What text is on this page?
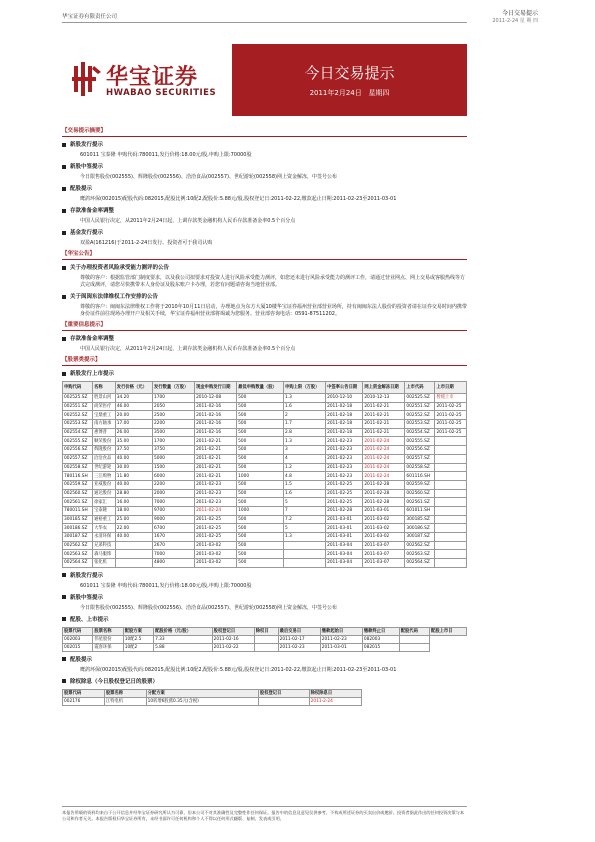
华宝证券有限责任公司	今日交易提示
2011-2-24 星 期 四
华宝证券
HWABAO SECURITIES
今日交易提示
2011年2月24日 星期四
【交易提示摘要】
新股发行提示
601011 宝泰隆 申购代码:780011,发行价格:18.00元/股,申购上限:70000股
新股中签提示
今日限售股份(002555)、辉隆股份(002556)、洽洽食品(002557)、世纪游轮(002558)网上资金解冻，中签号公布
配股提示
鹰鸽环保(002015)配股代码:082015,配股比例:10配2,配股价:5.88元/股,股权登记日:2011-02-22,缴款起止日期:2011-02-23至2011-03-01
存款准备金率调整
中国人民银行决定，从2011年2月24日起，上调存款类金融机构人民币存款准备金率0.5个百分点
基金发行提示
双盈A(161216)于2011-2-24日发行、投资者可于我司认购
【华宝公告】
关于办理投资者风险承受能力测评的公告
尊敬的客户：根据监管部门制度要求，以及我公司拟要求对投资人进行风险承受能力测评，如您还未进行风险承受能力的测评工作，请通过营业网点、网上交易或客服热线等方式完成测评，请您尽快携带本人身份证及股东账户卡办理，若您有问题请咨询当地营业部。
关于闽闽东法律维权工作安排的公告
尊敬的客户：闽闽东法律维权工作将于2010年10月11日启动，办理地点为东方大厦10楼华宝证券福州营业部营业场所，持有闽闽东法人股份的投资者请在证券交易时间内携带身份证件前往现场办理开户及相关手续，华宝证券福州营业部将竭诚为您服务。营业部咨询电话：0591-87511202。
【重要信息提示】
存款准备金率调整
中国人民银行决定，从2011年2月24日起，上调存款类金融机构人民币存款准备金率0.5个百分点
【股票类提示】
新股发行上市提示
申购代码	名称	发行价格（元）	发行数量（万股）	现金申购发行日期	最低申购数量（股）	申购上限（万股）	中签率公告日期	网上资金解冻日期	上市代码	上市日期
002525.SZ	胜景山河	34.20	1700	2010-12-08	500	1.3	2010-12-10	2010-12-13	002525.SZ	暂缓上市
002551.SZ	尚荣医疗	46.00	2050	2011-02-16	500	1.6	2011-02-18	2011-02-21	002551.SZ	2011-02-25
002552.SZ	宝鼎重工	20.00	2500	2011-02-16	500	2	2011-02-18	2011-02-21	002552.SZ	2011-02-25
002553.SZ	南方轴承	17.00	2200	2011-02-16	500	1.7	2011-02-18	2011-02-21	002553.SZ	2011-02-25
002554.SZ	惠博普	26.00	3500	2011-02-16	500	2.8	2011-02-18	2011-02-21	002554.SZ	2011-02-25
002555.SZ	顺荣股份	35.00	1700	2011-02-21	500	1.3	2011-02-23	2011-02-24	002555.SZ	
002556.SZ	辉隆股份	37.50	3750	2011-02-21	500	3	2011-02-23	2011-02-24	002556.SZ	
002557.SZ	洽洽食品	40.00	5000	2011-02-21	500	4	2011-02-23	2011-02-24	002557.SZ	
002558.SZ	世纪游轮	30.00	1500	2011-02-21	500	1.2	2011-02-23	2011-02-24	002558.SZ	
780116.SH	三江购物	11.80	6000	2011-02-21	1000	4.8	2011-02-23	2011-02-24	601116.SH	
002559.SZ	亚威股份	40.00	2200	2011-02-23	500	1.5	2011-02-25	2011-02-28	002559.SZ	
002560.SZ	通达股份	28.80	2000	2011-02-23	500	1.6	2011-02-25	2011-02-28	002560.SZ	
002561.SZ	徐家汇	16.00	7000	2011-02-23	500	5	2011-02-25	2011-02-28	002561.SZ	
780011.SH	宝泰隆	18.00	9700	2011-02-24	1000	7	2011-02-28	2011-03-01	601011.SH	
300185.SZ	通裕重工	25.00	9000	2011-02-25	500	7.2	2011-03-01	2011-03-02	300185.SZ	
300186.SZ	大华农	22.00	6700	2011-02-25	500	5	2011-03-01	2011-03-02	300186.SZ	
300187.SZ	永清环保	40.00	1670	2011-02-25	500	1.3	2011-03-01	2011-03-02	300187.SZ	
002562.SZ	兄弟科技		2670	2011-03-02	500		2011-03-04	2011-03-07	002562.SZ	
002563.SZ	森马服饰		7000	2011-03-02	500		2011-03-04	2011-03-07	002563.SZ	
002564.SZ	张化机		4800	2011-03-02	500		2011-03-04	2011-03-07	002564.SZ	
新股发行提示
601011 宝泰隆 申购代码:780011,发行价格:18.00元/股,申购上限:70000股
新股中签提示
今日限售股份(002555)、辉隆股份(002556)、洽洽食品(002557)、世纪游轮(002558)网上资金解冻，中签号公布
配股、上市提示
股票代码	股票名称	配股方案	配股价格（元/股）	股权登记日	除权日	最后交易日	缴款起始日	缴款终止日	配股代码	配股上市日
002003	伟星股份	10配2.5	7.33	2011-02-16		2011-02-17	2011-02-23	082003		
002015	霞客环保	10配2	5.88	2011-02-22		2011-02-23	2011-03-01	082015		
配股提示
鹰鸽环保(002015)配股代码:082015,配股比例:10配2,配股价:5.88元/股,股权登记日:2011-02-22,缴款起止日期:2011-02-23至2011-03-01
除权除息（今日股权登记日的股票）
股票代码	股票名称	分配方案	股权登记日	除权除息日
002176	江特电机	10转增6股派0.35元(含税)		2011-2-24
本报告所载的资料均来自于公开信息并经华宝证券研究所认为可靠，但本公司不对其准确性及完整性作任何保证。报告中的信息及意见仅供参考，不构成所述证券的买卖出价或邀价。投资者据此作出的任何投资决策与本公司和作者无关。本报告版权归华宝证券所有，未经书面许可任何机构和个人不得以任何形式翻版、复制、发表或引用。
